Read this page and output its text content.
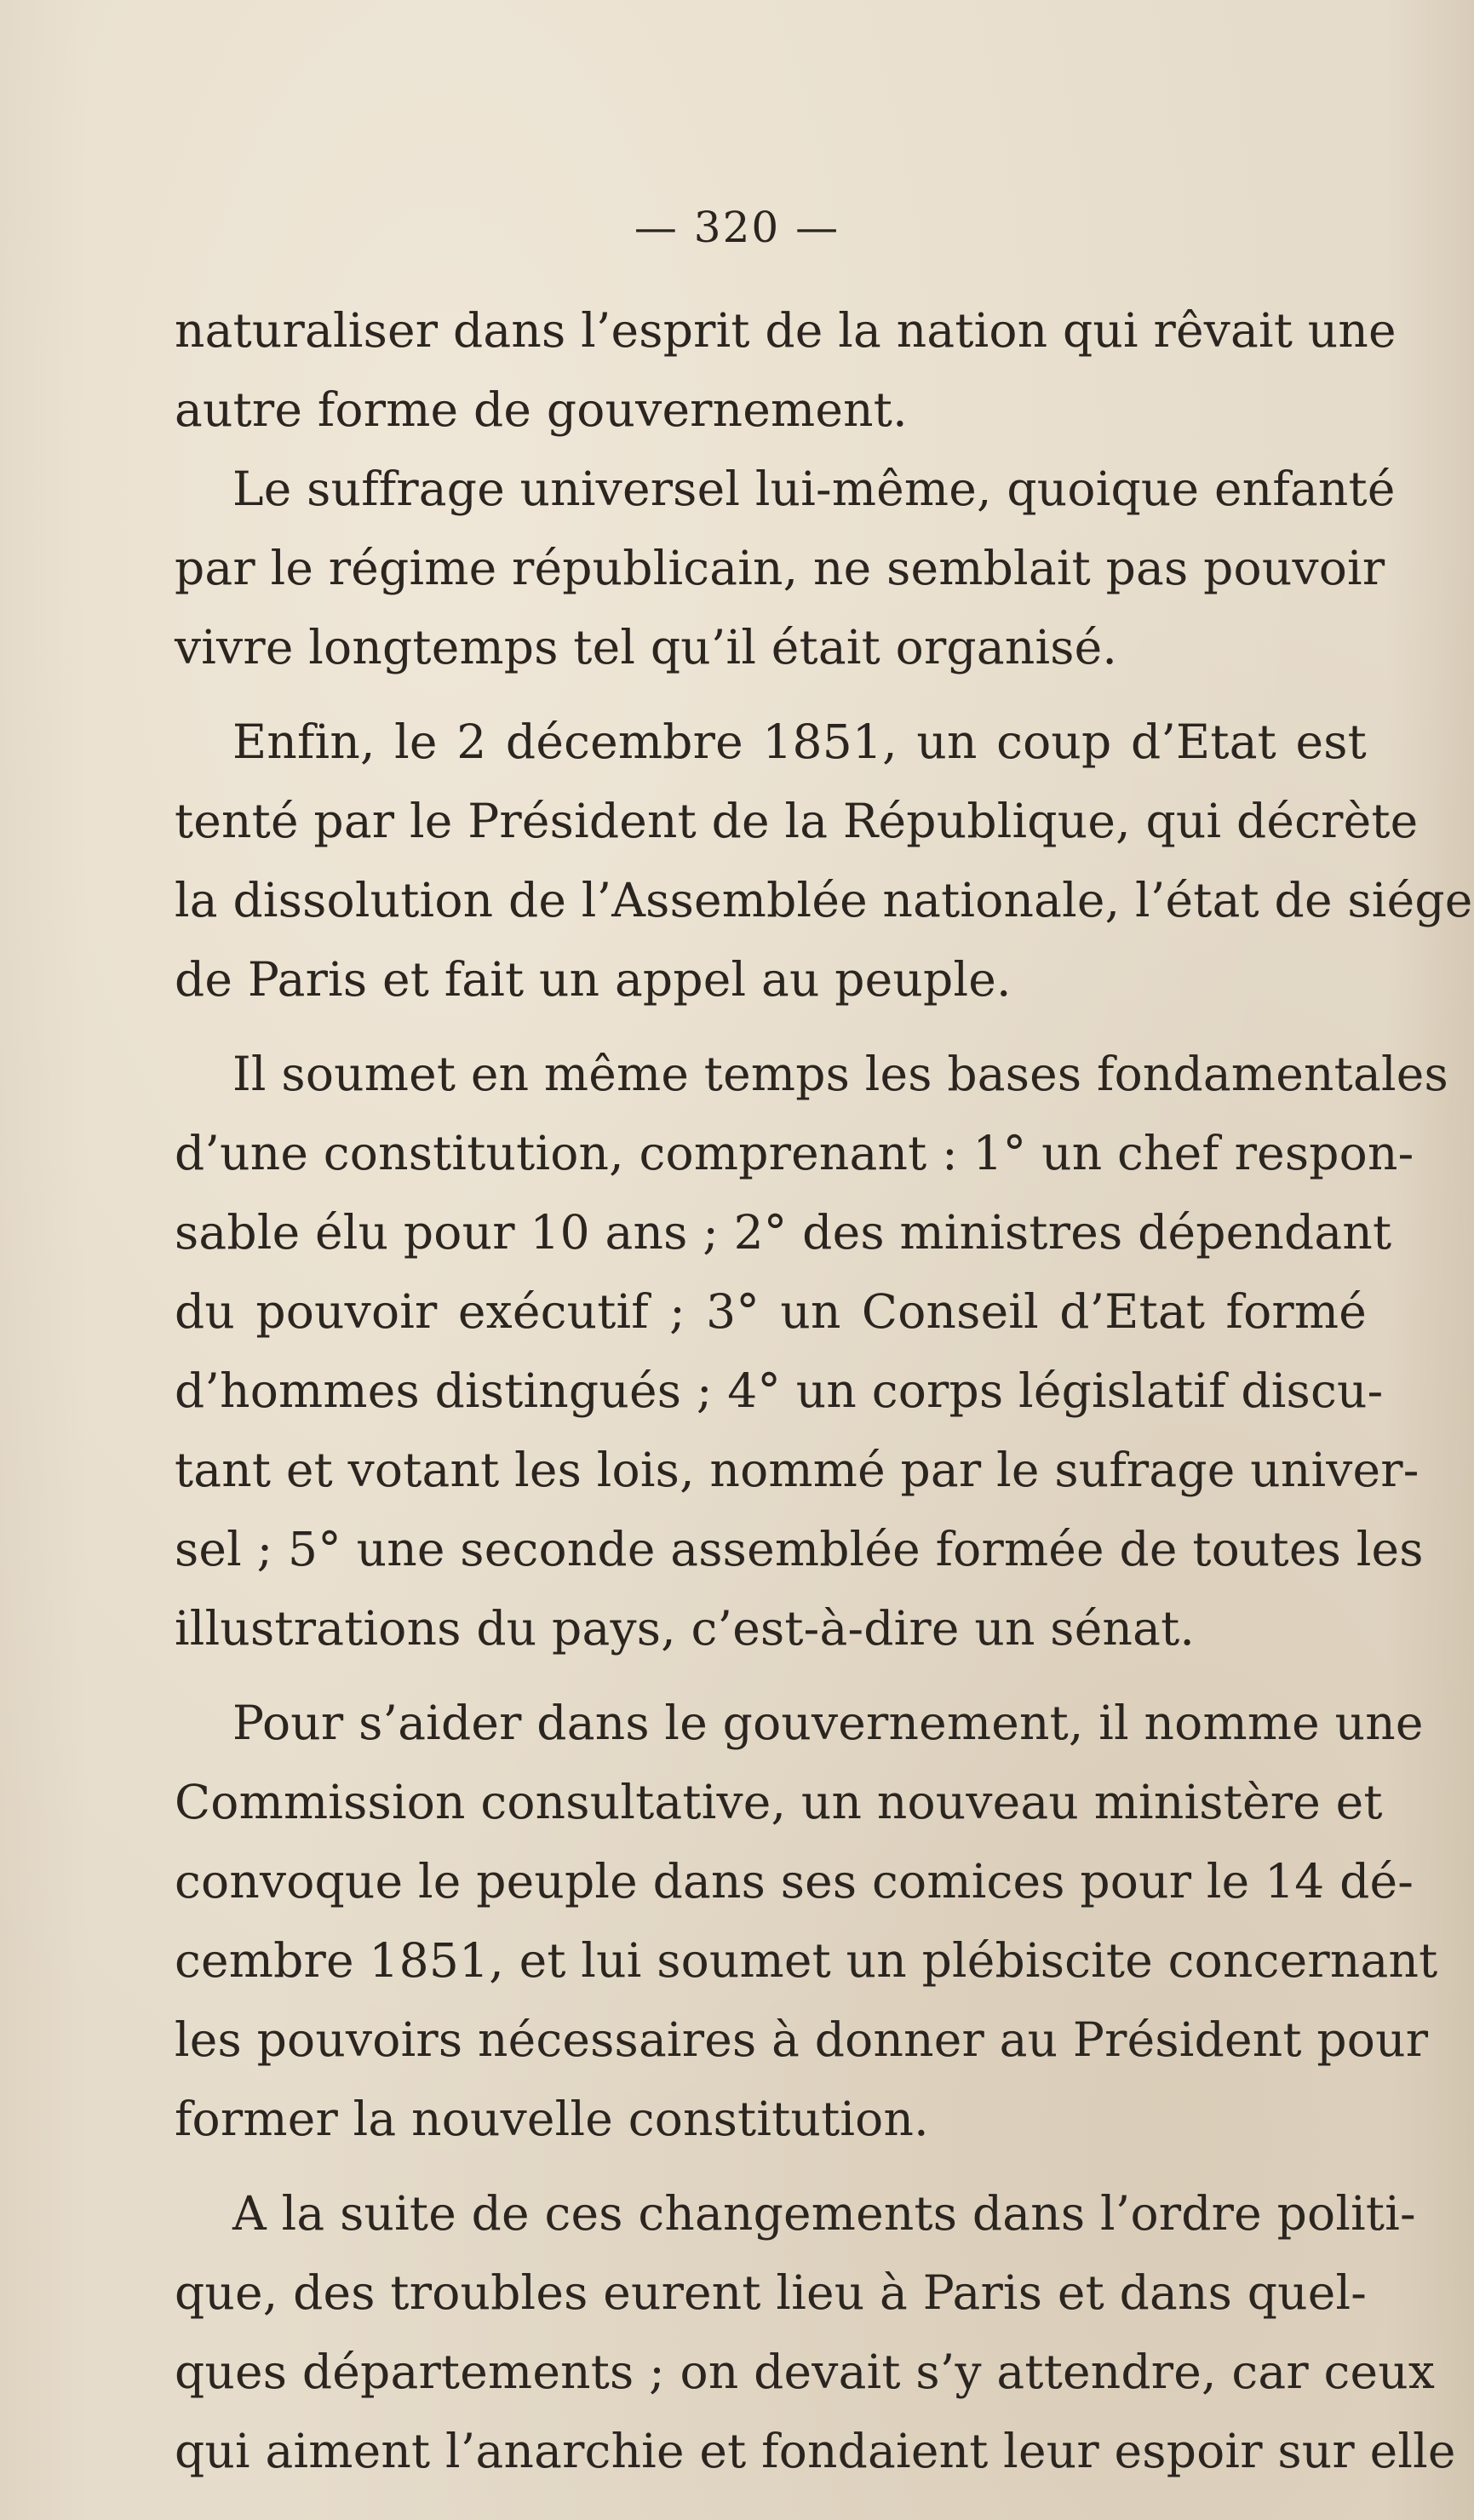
— 320 —
naturaliser dans l’esprit de la nation qui rêvait une
autre forme de gouvernement.
Le suffrage universel lui-même, quoique enfanté
par le régime républicain, ne semblait pas pouvoir
vivre longtemps tel qu’il était organisé.
Enfin, le 2 décembre 1851, un coup d’Etat est
tenté par le Président de la République, qui décrète
la dissolution de l’Assemblée nationale, l’état de siége
de Paris et fait un appel au peuple.
Il soumet en même temps les bases fondamentales
d’une constitution, comprenant : 1° un chef respon-
sable élu pour 10 ans ; 2° des ministres dépendant
du pouvoir exécutif ; 3° un Conseil d’Etat formé
d’hommes distingués ; 4° un corps législatif discu-
tant et votant les lois, nommé par le sufrage univer-
sel ; 5° une seconde assemblée formée de toutes les
illustrations du pays, c’est-à-dire un sénat.
Pour s’aider dans le gouvernement, il nomme une
Commission consultative, un nouveau ministère et
convoque le peuple dans ses comices pour le 14 dé-
cembre 1851, et lui soumet un plébiscite concernant
les pouvoirs nécessaires à donner au Président pour
former la nouvelle constitution.
A la suite de ces changements dans l’ordre politi-
que, des troubles eurent lieu à Paris et dans quel-
ques départements ; on devait s’y attendre, car ceux
qui aiment l’anarchie et fondaient leur espoir sur elle
